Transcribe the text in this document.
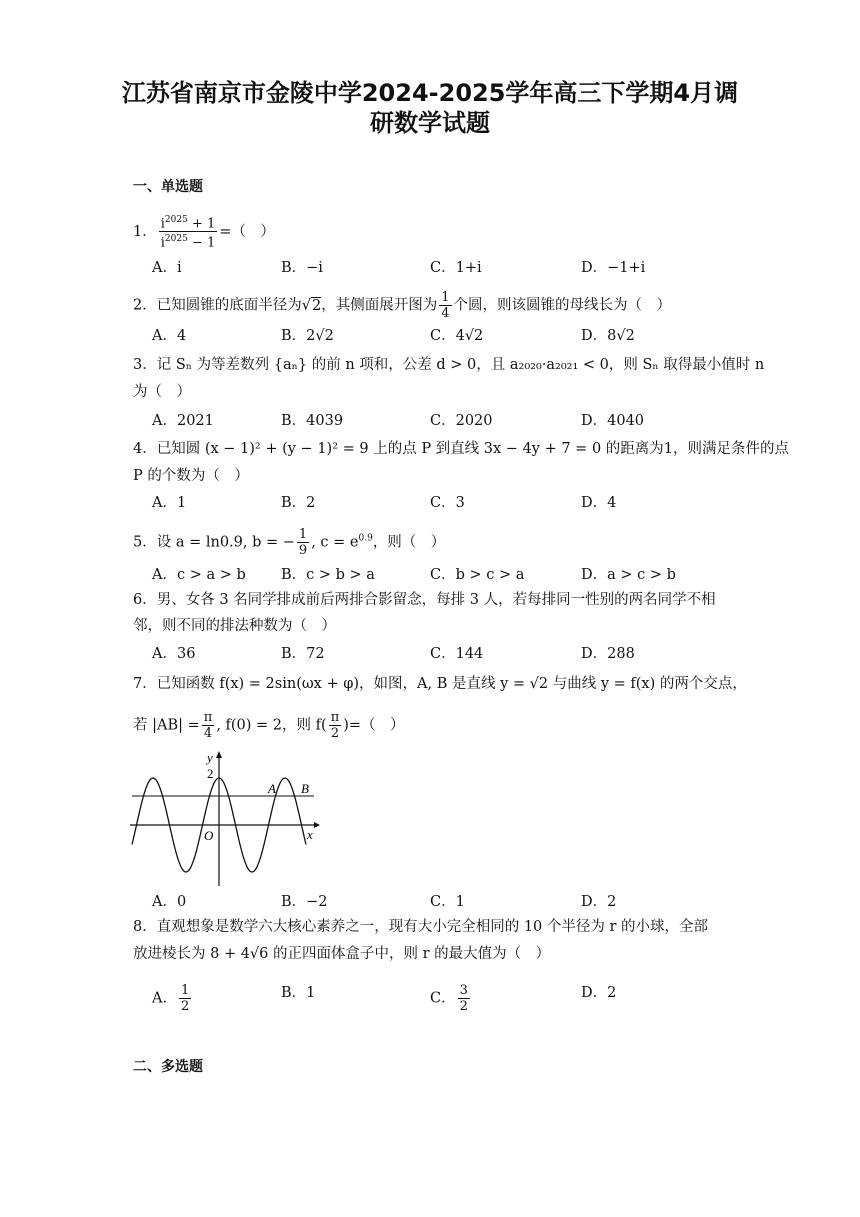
江苏省南京市金陵中学2024-2025学年高三下学期4月调
研数学试题
一、单选题
1． $\frac{i^{2025} + 1}{i^{2025} - 1}$ =（　）
A．i	B．−i	C．1+i	D．−1+i
2．已知圆锥的底面半径为√2，其侧面展开图为 $\frac{1}{4}$ 个圆，则该圆锥的母线长为（　）
A．4	B．2√2	C．4√2	D．8√2
3．记 Sₙ 为等差数列 {aₙ} 的前 n 项和，公差 d > 0，且 a₂₀₂₀·a₂₀₂₁ < 0，则 Sₙ 取得最小值时 n
为（　）
A．2021	B．4039	C．2020	D．4040
4．已知圆 (x − 1)² + (y − 1)² = 9 上的点 P 到直线 3x − 4y + 7 = 0 的距离为1，则满足条件的点
P 的个数为（　）
A．1	B．2	C．3	D．4
5．设 a = ln0.9, b = − $\frac{1}{9}$ , $c = e^{0.9}$，则（　）
A．c > a > b B．c > b > a	C．b > c > a	D．a > c > b
6．男、女各 3 名同学排成前后两排合影留念，每排 3 人，若每排同一性别的两名同学不相
邻，则不同的排法种数为（　）
A．36	B．72	C．144	D．288
7．已知函数 f(x) = 2sin(ωx + φ)，如图，A, B 是直线 y = √2 与曲线 y = f(x) 的两个交点，
若 $|AB| = \frac{\pi}{4}$ , f(0) = 2，则 $f( \frac{\pi}{2}$ )=（　）
y
x
O
2
A B
A．0	B．−2	C．1	D．2
8．直观想象是数学六大核心素养之一，现有大小完全相同的 10 个半径为 r 的小球，全部
放进棱长为 8 + 4√6 的正四面体盒子中，则 r 的最大值为（　）
A． $\frac{1}{2}$	B．1	C． $\frac{3}{2}$	D．2
二、多选题
